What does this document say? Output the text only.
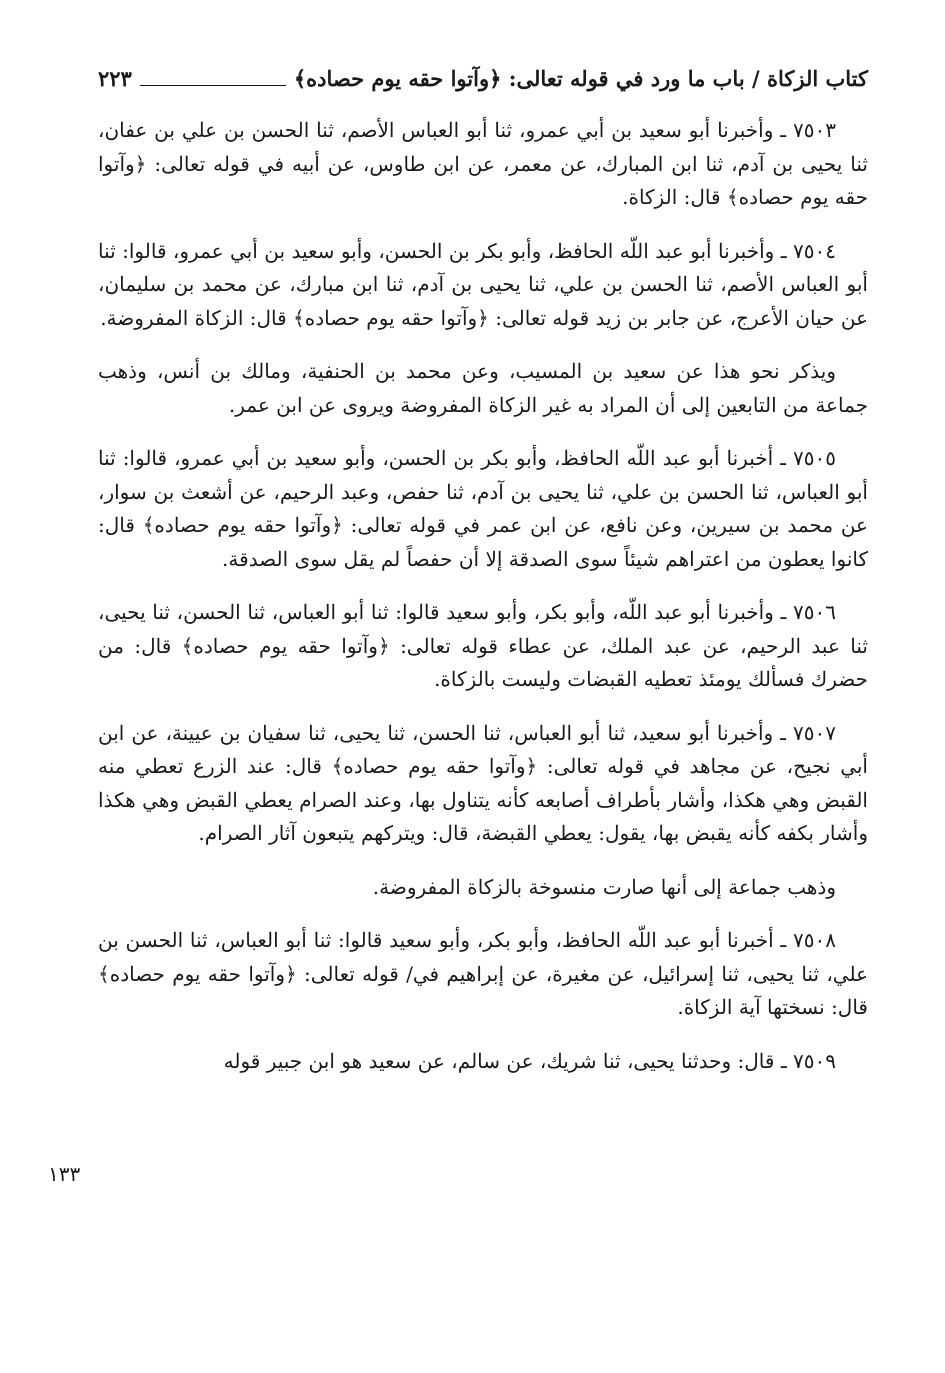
كتاب الزكاة / باب ما ورد في قوله تعالى: ﴿وآتوا حقه يوم حصاده﴾
٢٢٣

٧٥٠٣ ـ وأخبرنا أبو سعيد بن أبي عمرو، ثنا أبو العباس الأصم، ثنا الحسن بن علي بن عفان، ثنا يحيى بن آدم، ثنا ابن المبارك، عن معمر، عن ابن طاوس، عن أبيه في قوله تعالى: ﴿وآتوا حقه يوم حصاده﴾ قال: الزكاة.

٧٥٠٤ ـ وأخبرنا أبو عبد اللّه الحافظ، وأبو بكر بن الحسن، وأبو سعيد بن أبي عمرو، قالوا: ثنا أبو العباس الأصم، ثنا الحسن بن علي، ثنا يحيى بن آدم، ثنا ابن مبارك، عن محمد بن سليمان، عن حيان الأعرج، عن جابر بن زيد قوله تعالى: ﴿وآتوا حقه يوم حصاده﴾ قال: الزكاة المفروضة.

ويذكر نحو هذا عن سعيد بن المسيب، وعن محمد بن الحنفية، ومالك بن أنس، وذهب جماعة من التابعين إلى أن المراد به غير الزكاة المفروضة ويروى عن ابن عمر.

٧٥٠٥ ـ أخبرنا أبو عبد اللّه الحافظ، وأبو بكر بن الحسن، وأبو سعيد بن أبي عمرو، قالوا: ثنا أبو العباس، ثنا الحسن بن علي، ثنا يحيى بن آدم، ثنا حفص، وعبد الرحيم، عن أشعث بن سوار، عن محمد بن سيرين، وعن نافع، عن ابن عمر في قوله تعالى: ﴿وآتوا حقه يوم حصاده﴾ قال: كانوا يعطون من اعتراهم شيئاً سوى الصدقة إلا أن حفصاً لم يقل سوى الصدقة.

٧٥٠٦ ـ وأخبرنا أبو عبد اللّه، وأبو بكر، وأبو سعيد قالوا: ثنا أبو العباس، ثنا الحسن، ثنا يحيى، ثنا عبد الرحيم، عن عبد الملك، عن عطاء قوله تعالى: ﴿وآتوا حقه يوم حصاده﴾ قال: من حضرك فسألك يومئذ تعطيه القبضات وليست بالزكاة.

٧٥٠٧ ـ وأخبرنا أبو سعيد، ثنا أبو العباس، ثنا الحسن، ثنا يحيى، ثنا سفيان بن عيينة، عن ابن أبي نجيح، عن مجاهد في قوله تعالى: ﴿وآتوا حقه يوم حصاده﴾ قال: عند الزرع تعطي منه القبض وهي هكذا، وأشار بأطراف أصابعه كأنه يتناول بها، وعند الصرام يعطي القبض وهي هكذا وأشار بكفه كأنه يقبض بها، يقول: يعطي القبضة، قال: ويتركهم يتبعون آثار الصرام.

وذهب جماعة إلى أنها صارت منسوخة بالزكاة المفروضة.

٧٥٠٨ ـ أخبرنا أبو عبد اللّه الحافظ، وأبو بكر، وأبو سعيد قالوا: ثنا أبو العباس، ثنا الحسن بن علي، ثنا يحيى، ثنا إسرائيل، عن مغيرة، عن إبراهيم في/ قوله تعالى: ﴿وآتوا حقه يوم حصاده﴾ قال: نسختها آية الزكاة.

٧٥٠٩ ـ قال: وحدثنا يحيى، ثنا شريك، عن سالم، عن سعيد هو ابن جبير قوله

١٣٣
